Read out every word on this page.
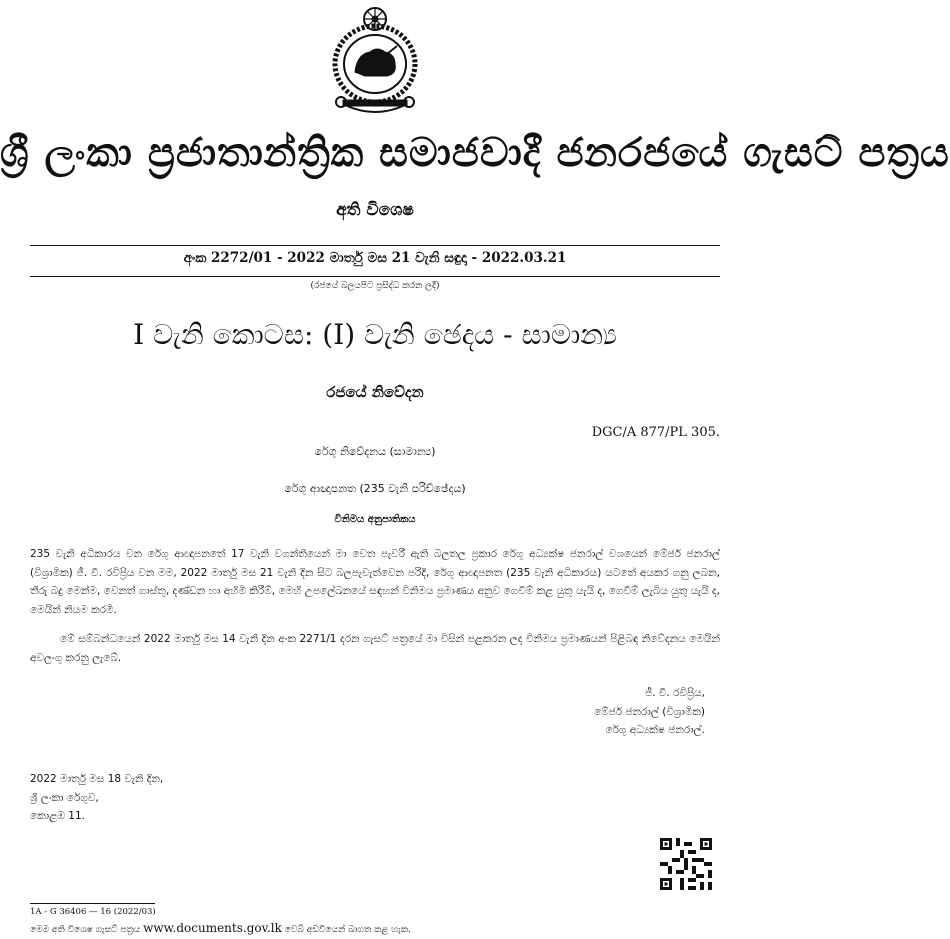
ශ්‍රී ලංකා ප්‍රජාතාන්ත්‍රික සමාජවාදී ජනරජයේ ගැසට් පත්‍රය
අති විශෙෂ
අංක 2272/01 - 2022 මාර්තු මස 21 වැනි සඳුදා - 2022.03.21
(රජයේ බලයපිට ප්‍රසිද්ධ කරන ලදී)
I වැනි කොටස: (I) වැනි ඡෙදය - සාමාන්‍ය
රජයේ නිවේදන
DGC/A 877/PL 305.
රේගු නිවේදනය (සාමාන්‍ය)
රේගු ආඥාපනත (235 වැනි පරිච්ඡේදය)
විනිමය අනුපාතිකය
235 වැනි අධිකාරය වන රේගු ආඥාපනතේ 17 වැනි වගන්තියෙන් මා වෙත පැවරී ඇති බලතල ප්‍රකාර රේගු අධ්‍යක්ෂ ජනරාල් වශයෙන් මේජර් ජනරාල් (විශ්‍රාමික) ජී. වී. රවිප්‍රිය වන මම, 2022 මාර්තු මස 21 වැනි දින සිට බලපැවැත්වෙන පරිදි, රේගු ආඥාපනත (235 වැනි අධිකාරය) යටතේ අයකර ගනු ලබන, තීරු බදු මෙන්ම, වෙනත් ගාස්තු, දණ්ඩන හා අහිමි කිරීම්, මෙහි උපලේඛනයේ සඳහන් විනිමය ප්‍රමාණය අනුව ගෙවීම් කළ යුතු යැයි ද, ගෙවීම් ලැබිය යුතු යැයි ද, මෙයින් නියම කරමි.
මේ සම්බන්ධයෙන් 2022 මාර්තු මස 14 වැනි දින අංක 2271/1 දරන ගැසට් පත්‍රයේ මා විසින් පළකරන ලද විනිමය ප්‍රමාණයන් පිළිබඳ නිවේදනය මෙයින් අවලංගු කරනු ලැබේ.
ජී. වී. රවිප්‍රිය,
මේජර් ජනරාල් (විශ්‍රාමික)
රේගු අධ්‍යක්ෂ ජනරාල්.
2022 මාර්තු මස 18 වැනි දින,
ශ්‍රී ලංකා රේගුව,
කොළඹ 11.
1A - G 36406 — 16 (2022/03)
මෙම අති විශෙෂ ගැසට් පත්‍රය www.documents.gov.lk වෙබ් අඩවියෙන් බාගත කළ හැක.
